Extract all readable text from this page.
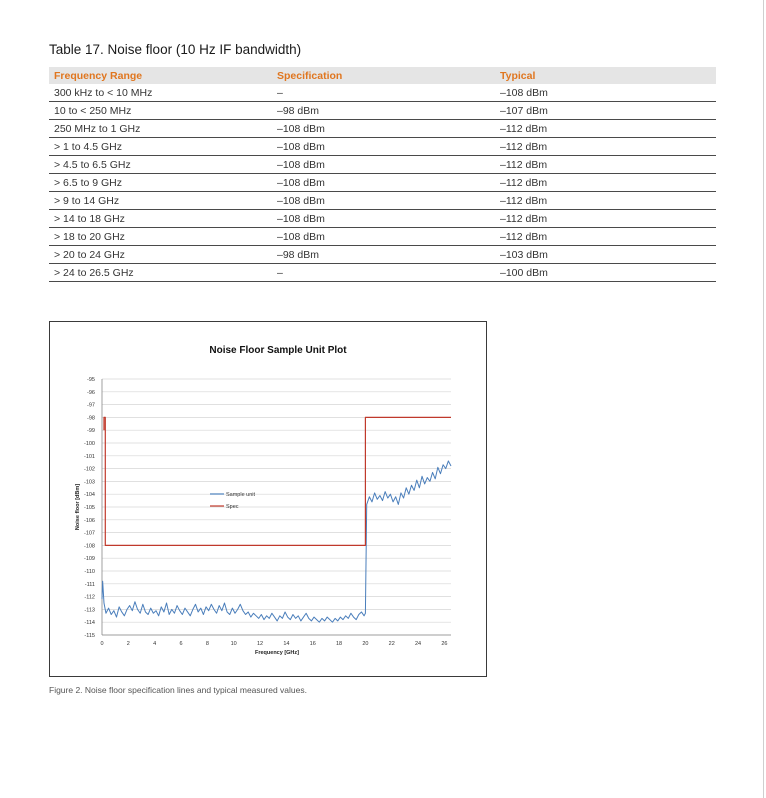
Table 17. Noise floor (10 Hz IF bandwidth)
Frequency Range	Specification	Typical
300 kHz to < 10 MHz	–	–108 dBm
10 to < 250 MHz	–98 dBm	–107 dBm
250 MHz to 1 GHz	–108 dBm	–112 dBm
> 1 to 4.5 GHz	–108 dBm	–112 dBm
> 4.5 to 6.5 GHz	–108 dBm	–112 dBm
> 6.5 to 9 GHz	–108 dBm	–112 dBm
> 9 to 14 GHz	–108 dBm	–112 dBm
> 14 to 18 GHz	–108 dBm	–112 dBm
> 18 to 20 GHz	–108 dBm	–112 dBm
> 20 to 24 GHz	–98 dBm	–103 dBm
> 24 to 26.5 GHz	–	–100 dBm
-95
-96
-97
-98
-99
-100
-101
-102
-103
-104
-105
-106
-107
-108
-109
-110
-111
-112
-113
-114
-115
0	2	4	6	8	10	12	14	16	18	20	22	24	26
Noise Floor Sample Unit Plot
Frequency [GHz]
Noise floor [dBm]	Sample unit
Spec
Figure 2. Noise floor specification lines and typical measured values.
